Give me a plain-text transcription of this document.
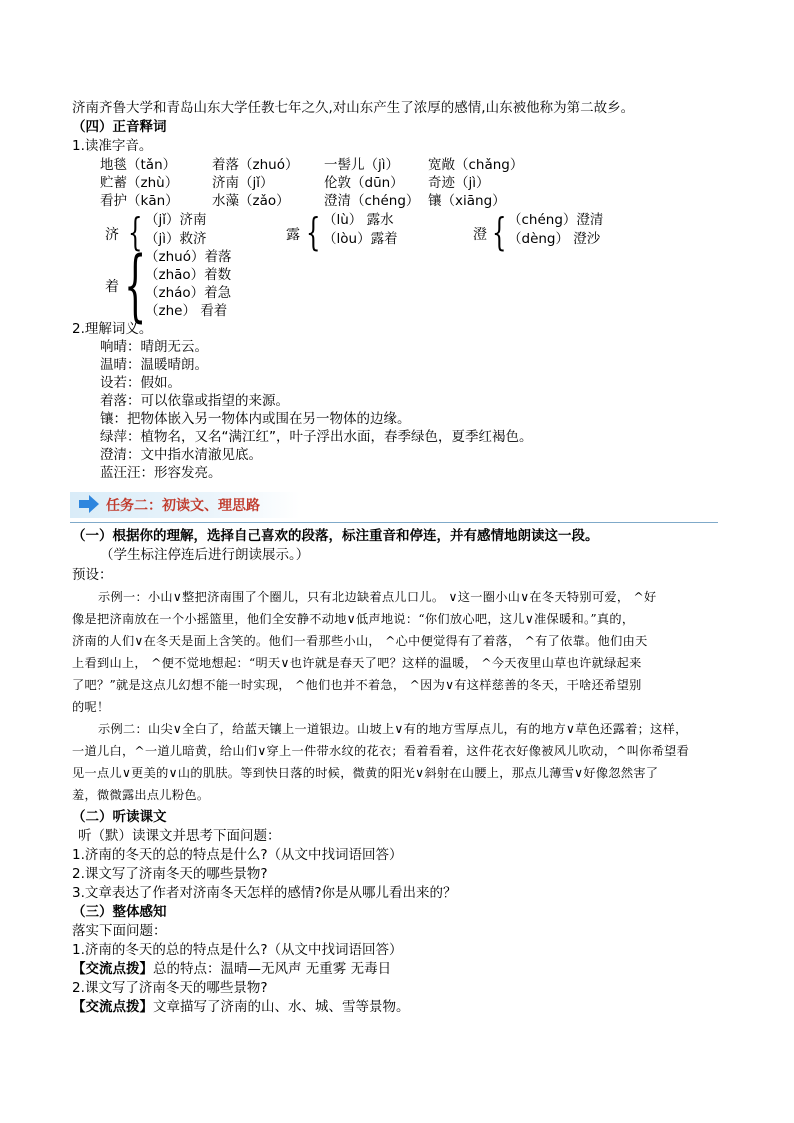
济南齐鲁大学和青岛山东大学任教七年之久,对山东产生了浓厚的感情,山东被他称为第二故乡。
（四）正音释词
1.读准字音。
地毯（tǎn）	着落（zhuó） 一髻儿（jì） 宽敞（chǎng）
贮蓄（zhù）	济南（jǐ）	伦敦（dūn） 奇迹（jì）
看护（kān） 水藻（zǎo）	澄清（chéng） 镶（xiāng）
济 { （jǐ）济南
（jì）救济	露 { （lù） 露水
（lòu）露着	澄 { （chéng）澄清
（dèng） 澄沙
着 {
（zhuó）着落
（zhāo）着数
（zháo）着急
（zhe） 看着
2.理解词义。
响晴：晴朗无云。
温晴：温暖晴朗。
设若：假如。
着落：可以依靠或指望的来源。
镶：把物体嵌入另一物体内或围在另一物体的边缘。
绿萍：植物名，又名“满江红”，叶子浮出水面，春季绿色，夏季红褐色。
澄清：文中指水清澈见底。
蓝汪汪：形容发亮。
任务二：初读文、理思路
（一）根据你的理解，选择自己喜欢的段落，标注重音和停连，并有感情地朗读这一段。
（学生标注停连后进行朗读展示。）
预设：
示例一：小山∨整把济南围了个圈儿，只有北边缺着点儿口儿。 ∨这一圈小山∨在冬天特别可爱， ^好
像是把济南放在一个小摇篮里，他们全安静不动地∨低声地说：“你们放心吧，这儿∨准保暖和。”真的，
济南的人们∨在冬天是面上含笑的。他们一看那些小山， ^心中便觉得有了着落， ^有了依靠。他们由天
上看到山上， ^便不觉地想起：“明天∨也许就是春天了吧？这样的温暖， ^今天夜里山草也许就绿起来
了吧？”就是这点儿幻想不能一时实现， ^他们也并不着急， ^因为∨有这样慈善的冬天，干啥还希望别
的呢！
示例二：山尖∨全白了，给蓝天镶上一道银边。山坡上∨有的地方雪厚点儿，有的地方∨草色还露着；这样，
一道儿白，^一道儿暗黄，给山们∨穿上一件带水纹的花衣；看着看着，这件花衣好像被风儿吹动，^叫你希望看
见一点儿∨更美的∨山的肌肤。等到快日落的时候，微黄的阳光∨斜射在山腰上，那点儿薄雪∨好像忽然害了
羞，微微露出点儿粉色。
（二）听读课文
听（默）读课文并思考下面问题：
1.济南的冬天的总的特点是什么?（从文中找词语回答）
2.课文写了济南冬天的哪些景物?
3.文章表达了作者对济南冬天怎样的感情?你是从哪儿看出来的？
（三）整体感知
落实下面问题：
1.济南的冬天的总的特点是什么?（从文中找词语回答）
【交流点拨】总的特点：温晴—无风声 无重雾 无毒日
2.课文写了济南冬天的哪些景物?
【交流点拨】文章描写了济南的山、水、城、雪等景物。
